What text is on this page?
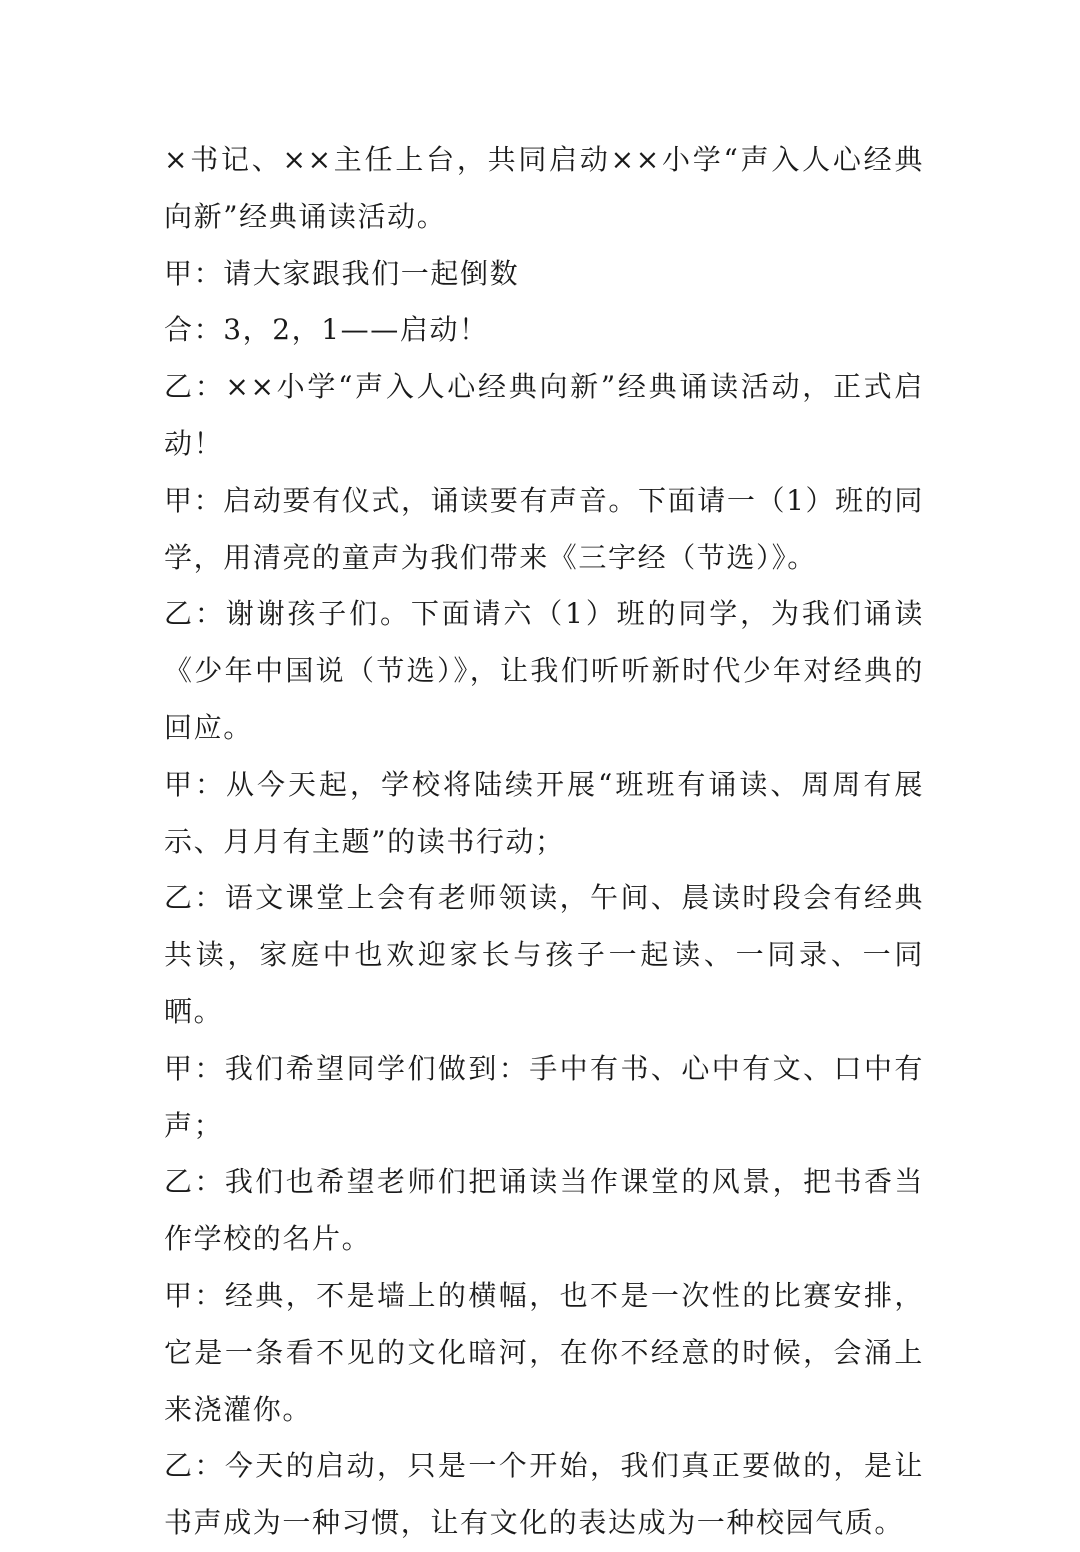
×书记、××主任上台，共同启动××小学“声入人心经典向新”经典诵读活动。

甲：请大家跟我们一起倒数

合：3，2，1——启动！

乙：××小学“声入人心经典向新”经典诵读活动，正式启动！

甲：启动要有仪式，诵读要有声音。下面请一（1）班的同学，用清亮的童声为我们带来《三字经（节选）》。

乙：谢谢孩子们。下面请六（1）班的同学，为我们诵读《少年中国说（节选）》，让我们听听新时代少年对经典的回应。

甲：从今天起，学校将陆续开展“班班有诵读、周周有展示、月月有主题”的读书行动；

乙：语文课堂上会有老师领读，午间、晨读时段会有经典共读，家庭中也欢迎家长与孩子一起读、一同录、一同晒。

甲：我们希望同学们做到：手中有书、心中有文、口中有声；

乙：我们也希望老师们把诵读当作课堂的风景，把书香当作学校的名片。

甲：经典，不是墙上的横幅，也不是一次性的比赛安排，它是一条看不见的文化暗河，在你不经意的时候，会涌上来浇灌你。

乙：今天的启动，只是一个开始，我们真正要做的，是让书声成为一种习惯，让有文化的表达成为一种校园气质。
